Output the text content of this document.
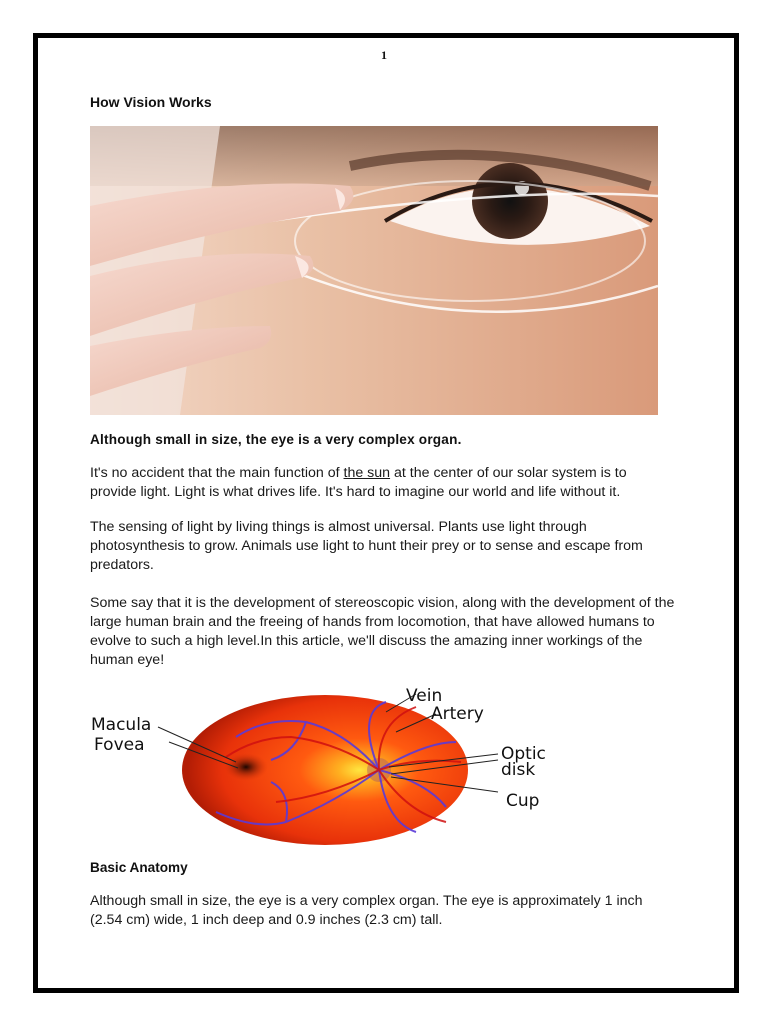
1
How Vision Works
Although small in size, the eye is a very complex organ.

It's no accident that the main function of the sun at the center of our solar system is to provide light. Light is what drives life. It's hard to imagine our world and life without it.

The sensing of light by living things is almost universal. Plants use light through photosynthesis to grow. Animals use light to hunt their prey or to sense and escape from predators.

Some say that it is the development of stereoscopic vision, along with the development of the large human brain and the freeing of hands from locomotion, that have allowed humans to evolve to such a high level.In this article, we'll discuss the amazing inner workings of the human eye!

Vein
Artery
Macula
Fovea	Optic
disk
Cup
Basic Anatomy

Although small in size, the eye is a very complex organ. The eye is approximately 1 inch (2.54 cm) wide, 1 inch deep and 0.9 inches (2.3 cm) tall.
